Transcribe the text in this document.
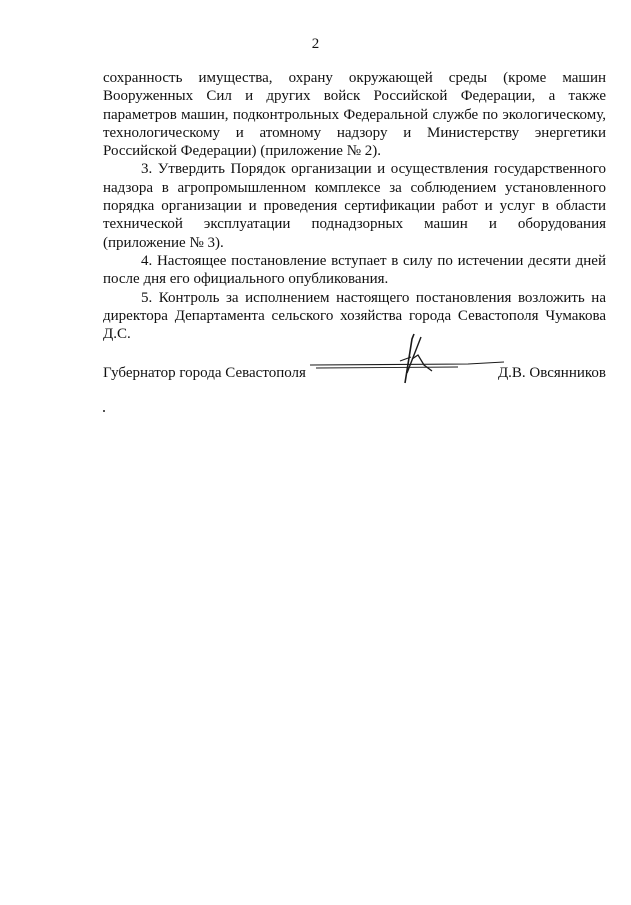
2

сохранность имущества, охрану окружающей среды (кроме машин Вооруженных Сил и других войск Российской Федерации, а также параметров машин, подконтрольных Федеральной службе по экологическому, технологическому и атомному надзору и Министерству энергетики Российской Федерации) (приложение № 2).

3. Утвердить Порядок организации и осуществления государственного надзора в агропромышленном комплексе за соблюдением установленного порядка организации и проведения сертификации работ и услуг в области технической эксплуатации поднадзорных машин и оборудования (приложение № 3).

4. Настоящее постановление вступает в силу по истечении десяти дней после дня его официального опубликования.

5. Контроль за исполнением настоящего постановления возложить на директора Департамента сельского хозяйства города Севастополя Чумакова Д.С.

Губернатор города Севастополя	Д.В. Овсянников
